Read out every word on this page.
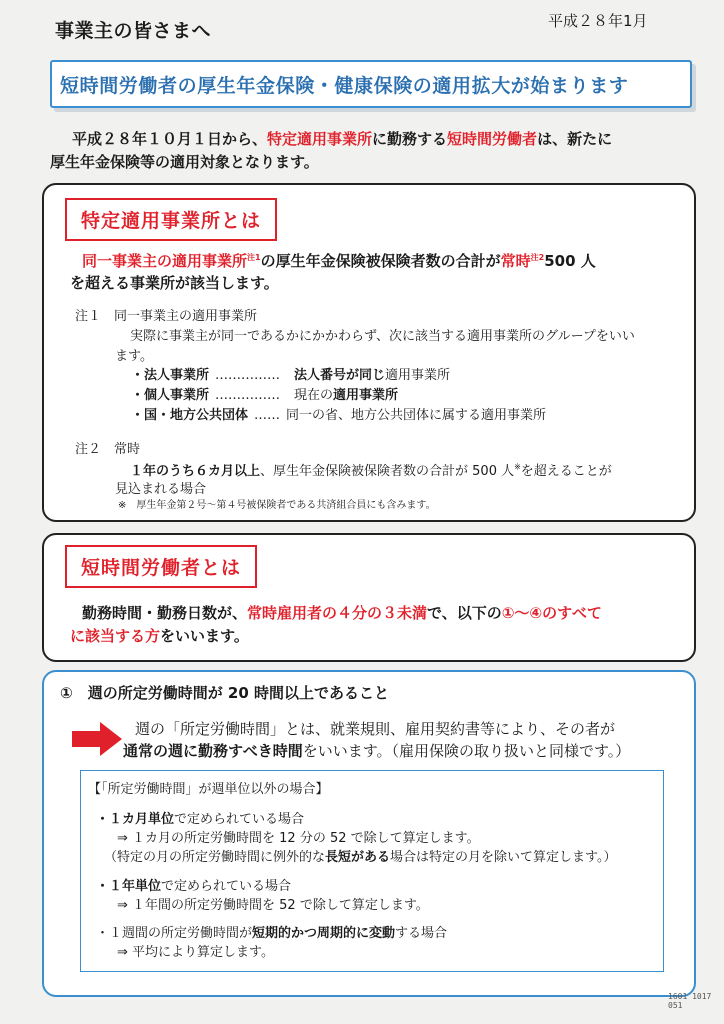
事業主の皆さまへ	平成２８年1月
短時間労働者の厚生年金保険・健康保険の適用拡大が始まります
平成２８年１０月１日から、特定適用事業所に勤務する短時間労働者は、新たに
厚生年金保険等の適用対象となります。
特定適用事業所とは
同一事業主の適用事業所$^{注1}$の厚生年金保険被保険者数の合計が常時$^{注2}$500 人
を超える事業所が該当します。
注１　同一事業主の適用事業所
実際に事業主が同一であるかにかかわらず、次に該当する適用事業所のグループをいい
ます。
・法人事業所 …………… 法人番号が同じ適用事業所
・個人事業所 …………… 現在の適用事業所
・国・地方公共団体 …… 同一の省、地方公共団体に属する適用事業所
注２　常時
１年のうち６カ月以上、厚生年金保険被保険者数の合計が 500 人※を超えることが
見込まれる場合
※　厚生年金第２号～第４号被保険者である共済組合員にも含みます。
短時間労働者とは
勤務時間・勤務日数が、常時雇用者の４分の３未満で、以下の①～④のすべて
に該当する方をいいます。
①　週の所定労働時間が 20 時間以上であること
週の「所定労働時間」とは、就業規則、雇用契約書等により、その者が
通常の週に勤務すべき時間をいいます。（雇用保険の取り扱いと同様です。）
【「所定労働時間」が週単位以外の場合】
・１カ月単位で定められている場合
⇒ １カ月の所定労働時間を 12 分の 52 で除して算定します。
（特定の月の所定労働時間に例外的な長短がある場合は特定の月を除いて算定します。）
・１年単位で定められている場合
⇒ １年間の所定労働時間を 52 で除して算定します。
・１週間の所定労働時間が短期的かつ周期的に変動する場合
⇒ 平均により算定します。
1601 1017 051
